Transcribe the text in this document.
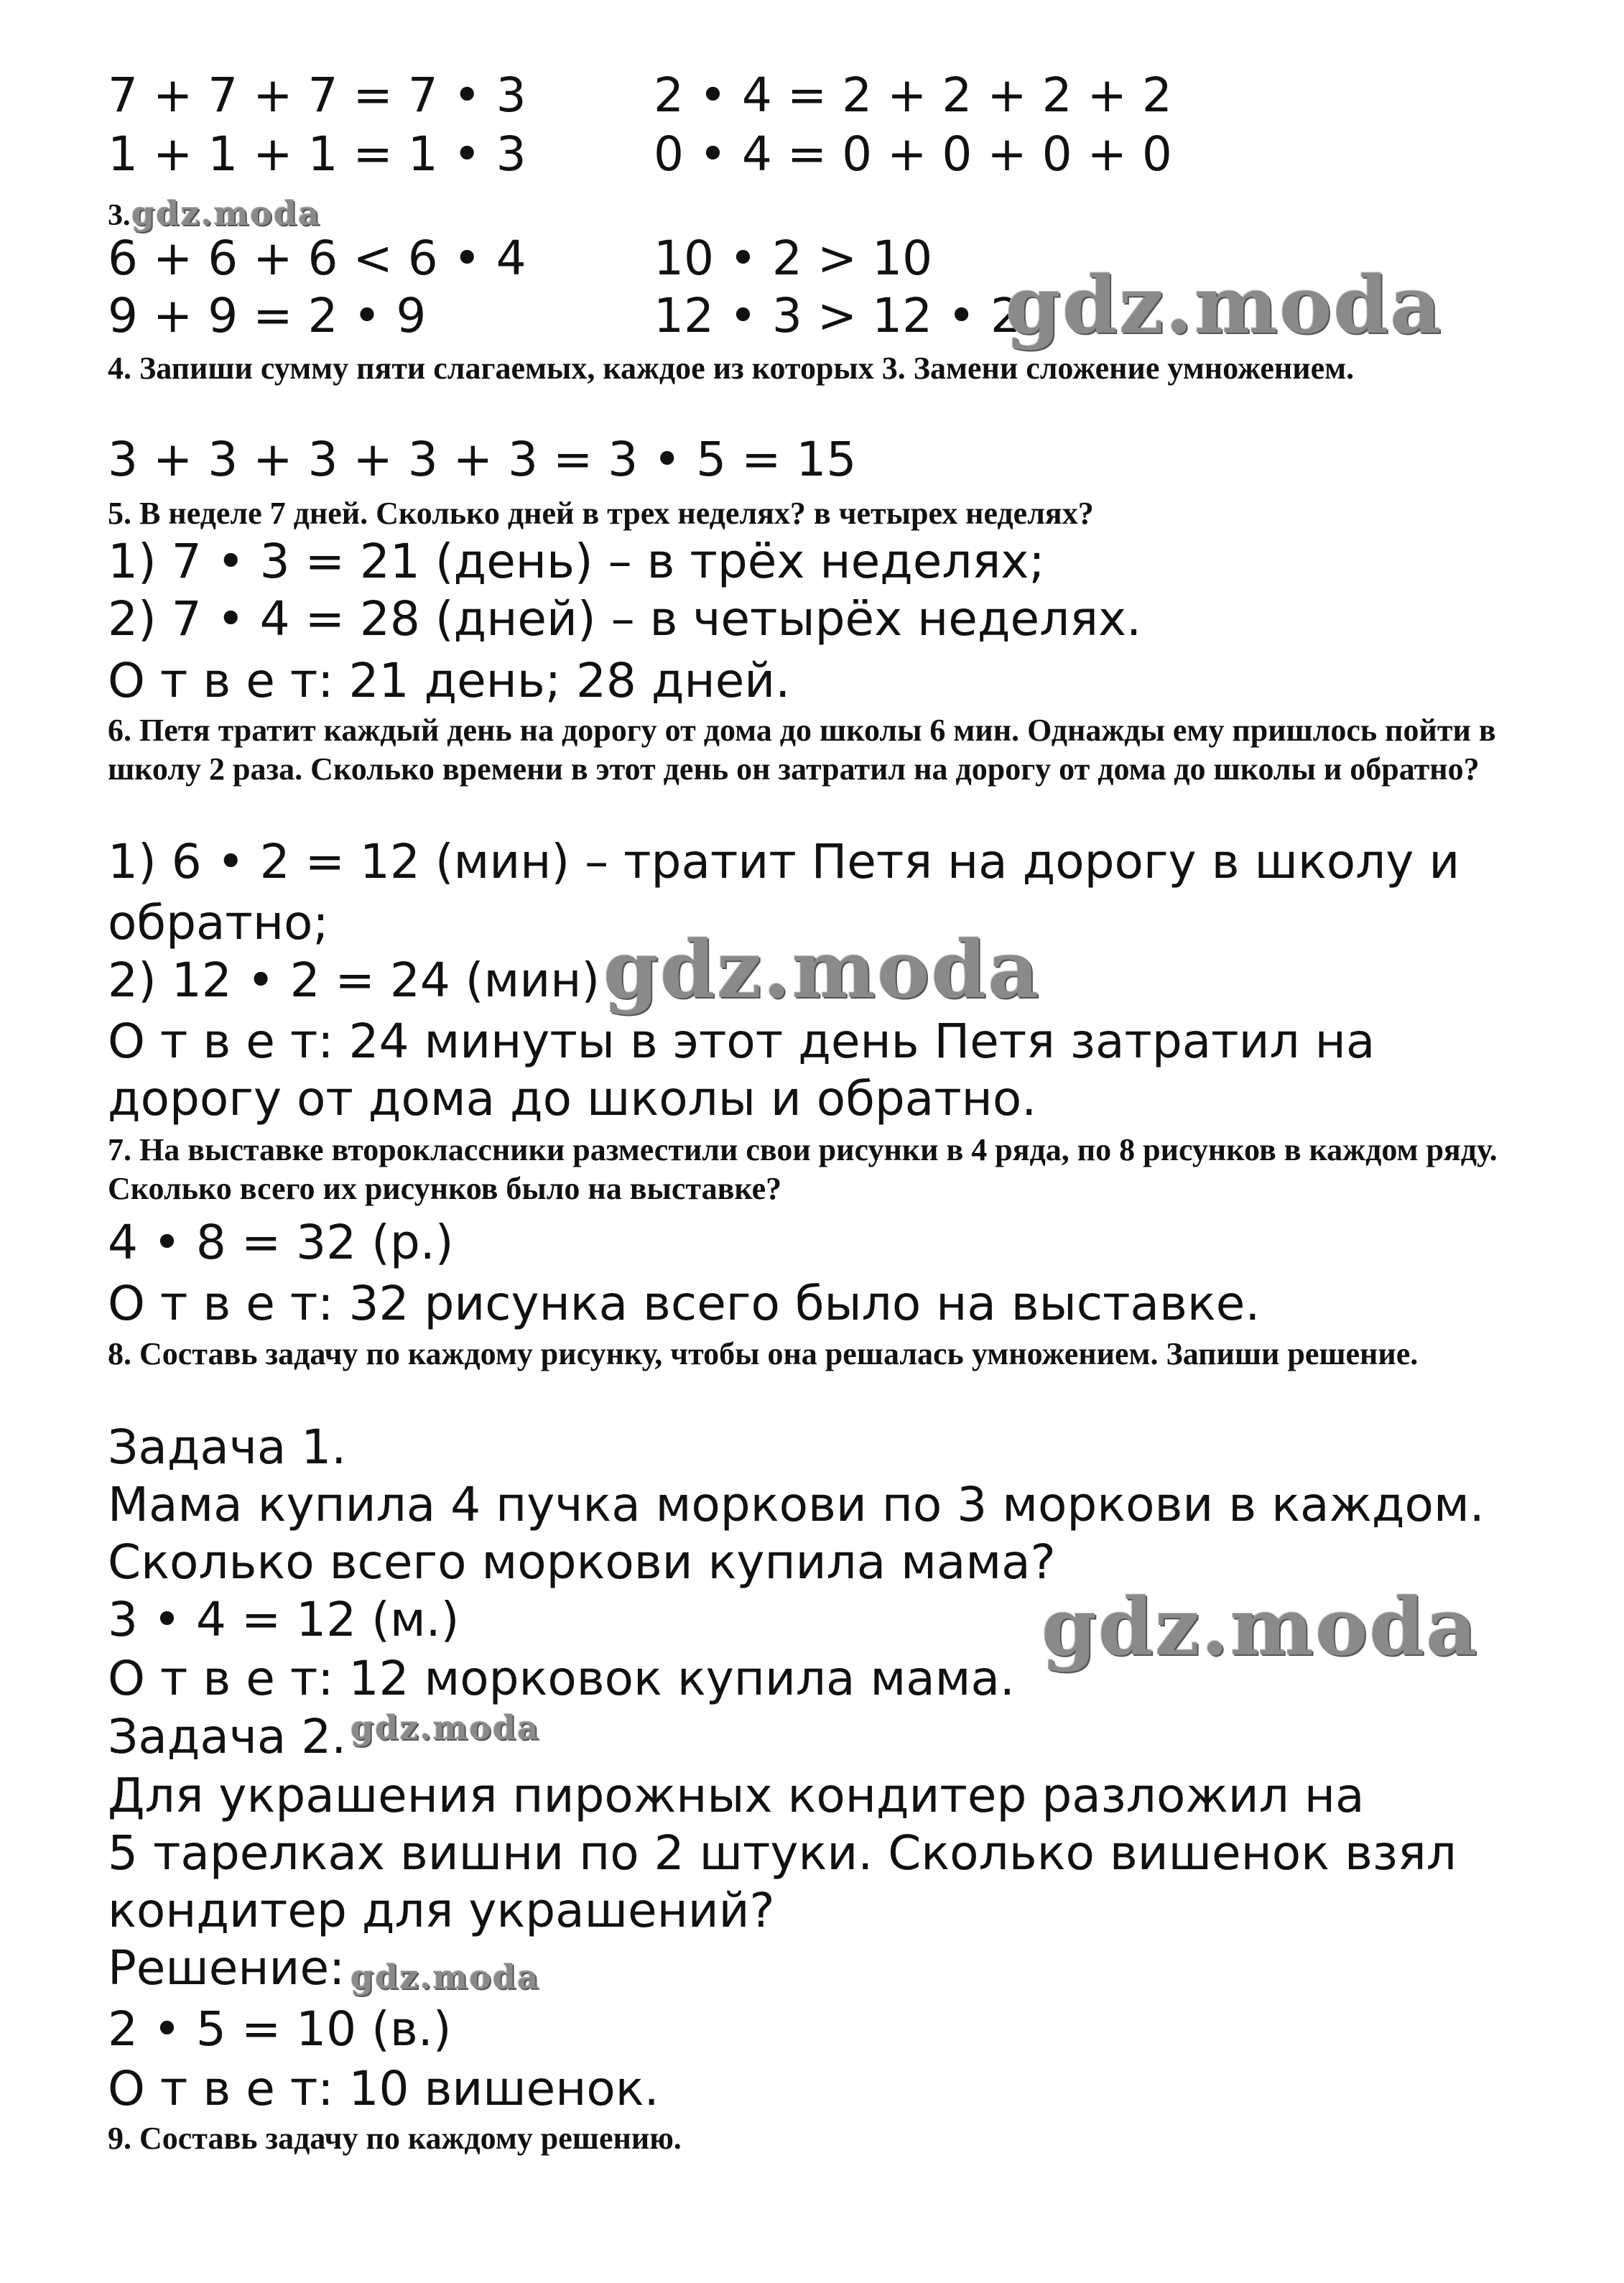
7 + 7 + 7 = 7 • 3	2 • 4 = 2 + 2 + 2 + 2
1 + 1 + 1 = 1 • 3	0 • 4 = 0 + 0 + 0 + 0
3. gdz.moda
6 + 6 + 6 < 6 • 4	10 • 2 > 10
9 + 9 = 2 • 9	12 • 3 > 12 • 2
gdz.moda
4. Запиши сумму пяти слагаемых, каждое из которых 3. Замени сложение умножением.
3 + 3 + 3 + 3 + 3 = 3 • 5 = 15
5. В неделе 7 дней. Сколько дней в трех неделях? в четырех неделях?
1) 7 • 3 = 21 (день) – в трёх неделях;
2) 7 • 4 = 28 (дней) – в четырёх неделях.
О т в е т: 21 день; 28 дней.
6. Петя тратит каждый день на дорогу от дома до школы 6 мин. Однажды ему пришлось пойти в школу 2 раза. Сколько времени в этот день он затратил на дорогу от дома до школы и обратно?
1) 6 • 2 = 12 (мин) – тратит Петя на дорогу в школу и
обратно;
2) 12 • 2 = 24 (мин) gdz.moda
О т в е т: 24 минуты в этот день Петя затратил на
дорогу от дома до школы и обратно.
7. На выставке второклассники разместили свои рисунки в 4 ряда, по 8 рисунков в каждом ряду. Сколько всего их рисунков было на выставке?
4 • 8 = 32 (р.)
О т в е т: 32 рисунка всего было на выставке.
8. Составь задачу по каждому рисунку, чтобы она решалась умножением. Запиши решение.
Задача 1.
Мама купила 4 пучка моркови по 3 моркови в каждом.
Сколько всего моркови купила мама?
3 • 4 = 12 (м.)	gdz.moda
О т в е т: 12 морковок купила мама.
Задача 2. gdz.moda
Для украшения пирожных кондитер разложил на
5 тарелках вишни по 2 штуки. Сколько вишенок взял
кондитер для украшений?
Решение: gdz.moda
2 • 5 = 10 (в.)
О т в е т: 10 вишенок.
9. Составь задачу по каждому решению.
